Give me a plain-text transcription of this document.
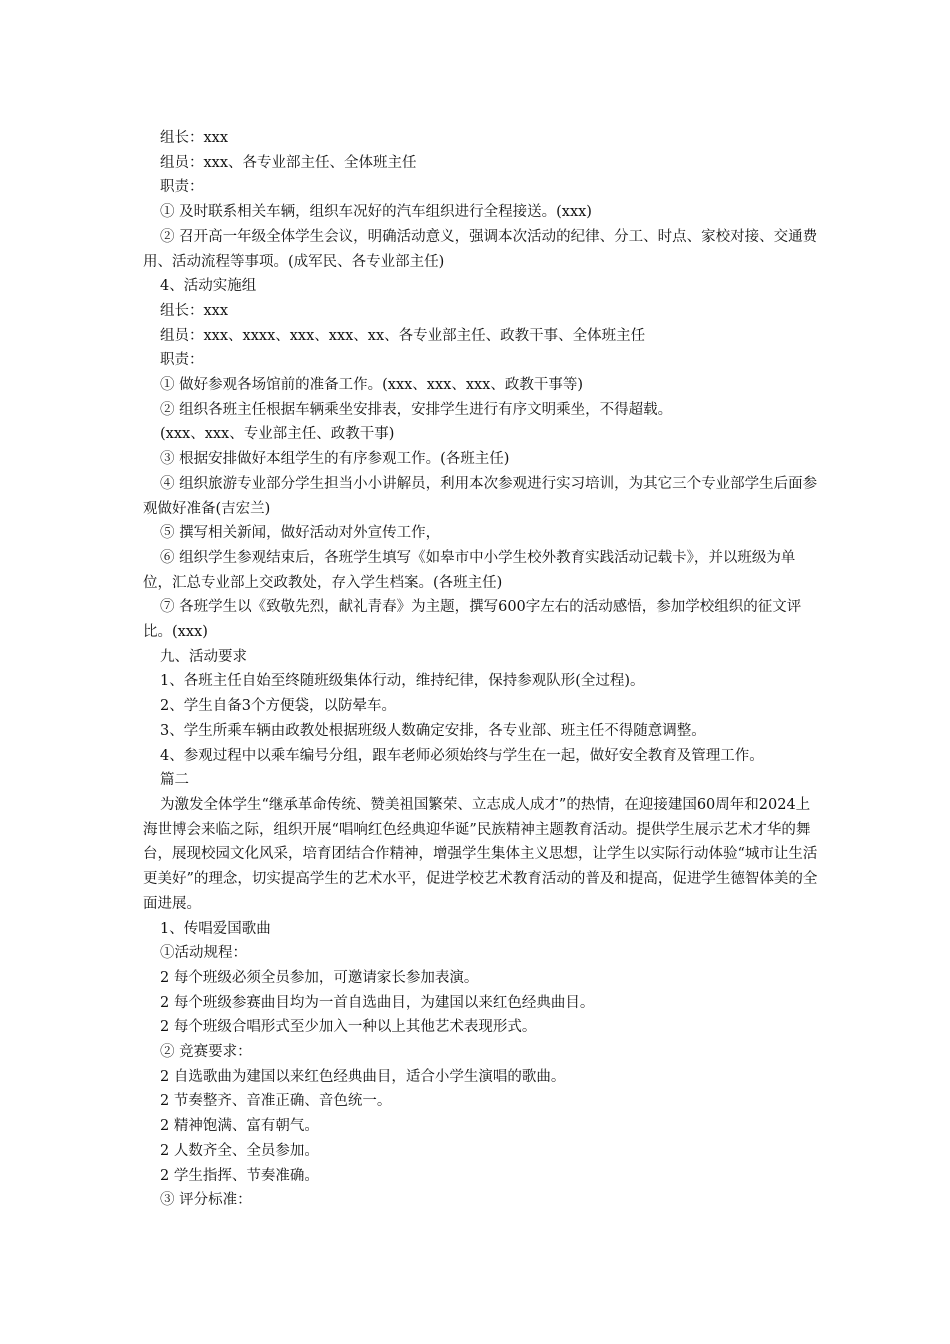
组长：xxx

组员：xxx、各专业部主任、全体班主任

职责：

① 及时联系相关车辆，组织车况好的汽车组织进行全程接送。(xxx)

② 召开高一年级全体学生会议，明确活动意义，强调本次活动的纪律、分工、时点、家校对接、交通费用、活动流程等事项。(成军民、各专业部主任)

4、活动实施组

组长：xxx

组员：xxx、xxxx、xxx、xxx、xx、各专业部主任、政教干事、全体班主任

职责：

① 做好参观各场馆前的准备工作。(xxx、xxx、xxx、政教干事等)

② 组织各班主任根据车辆乘坐安排表，安排学生进行有序文明乘坐，不得超载。

(xxx、xxx、专业部主任、政教干事)

③ 根据安排做好本组学生的有序参观工作。(各班主任)

④ 组织旅游专业部分学生担当小小讲解员，利用本次参观进行实习培训，为其它三个专业部学生后面参观做好准备(吉宏兰)

⑤ 撰写相关新闻，做好活动对外宣传工作，

⑥ 组织学生参观结束后，各班学生填写《如皋市中小学生校外教育实践活动记载卡》，并以班级为单位，汇总专业部上交政教处，存入学生档案。(各班主任)

⑦ 各班学生以《致敬先烈，献礼青春》为主题，撰写600字左右的活动感悟，参加学校组织的征文评比。(xxx)

九、活动要求

1、各班主任自始至终随班级集体行动，维持纪律，保持参观队形(全过程)。

2、学生自备3个方便袋，以防晕车。

3、学生所乘车辆由政教处根据班级人数确定安排，各专业部、班主任不得随意调整。

4、参观过程中以乘车编号分组，跟车老师必须始终与学生在一起，做好安全教育及管理工作。

篇二

为激发全体学生“继承革命传统、赞美祖国繁荣、立志成人成才”的热情，在迎接建国60周年和2024上海世博会来临之际，组织开展“唱响红色经典迎华诞”民族精神主题教育活动。提供学生展示艺术才华的舞台，展现校园文化风采，培育团结合作精神，增强学生集体主义思想，让学生以实际行动体验“城市让生活更美好”的理念，切实提高学生的艺术水平，促进学校艺术教育活动的普及和提高，促进学生德智体美的全面进展。

1、传唱爱国歌曲

①活动规程：

2 每个班级必须全员参加，可邀请家长参加表演。

2 每个班级参赛曲目均为一首自选曲目，为建国以来红色经典曲目。

2 每个班级合唱形式至少加入一种以上其他艺术表现形式。

② 竞赛要求：

2 自选歌曲为建国以来红色经典曲目，适合小学生演唱的歌曲。

2 节奏整齐、音准正确、音色统一。

2 精神饱满、富有朝气。

2 人数齐全、全员参加。

2 学生指挥、节奏准确。

③ 评分标准：
